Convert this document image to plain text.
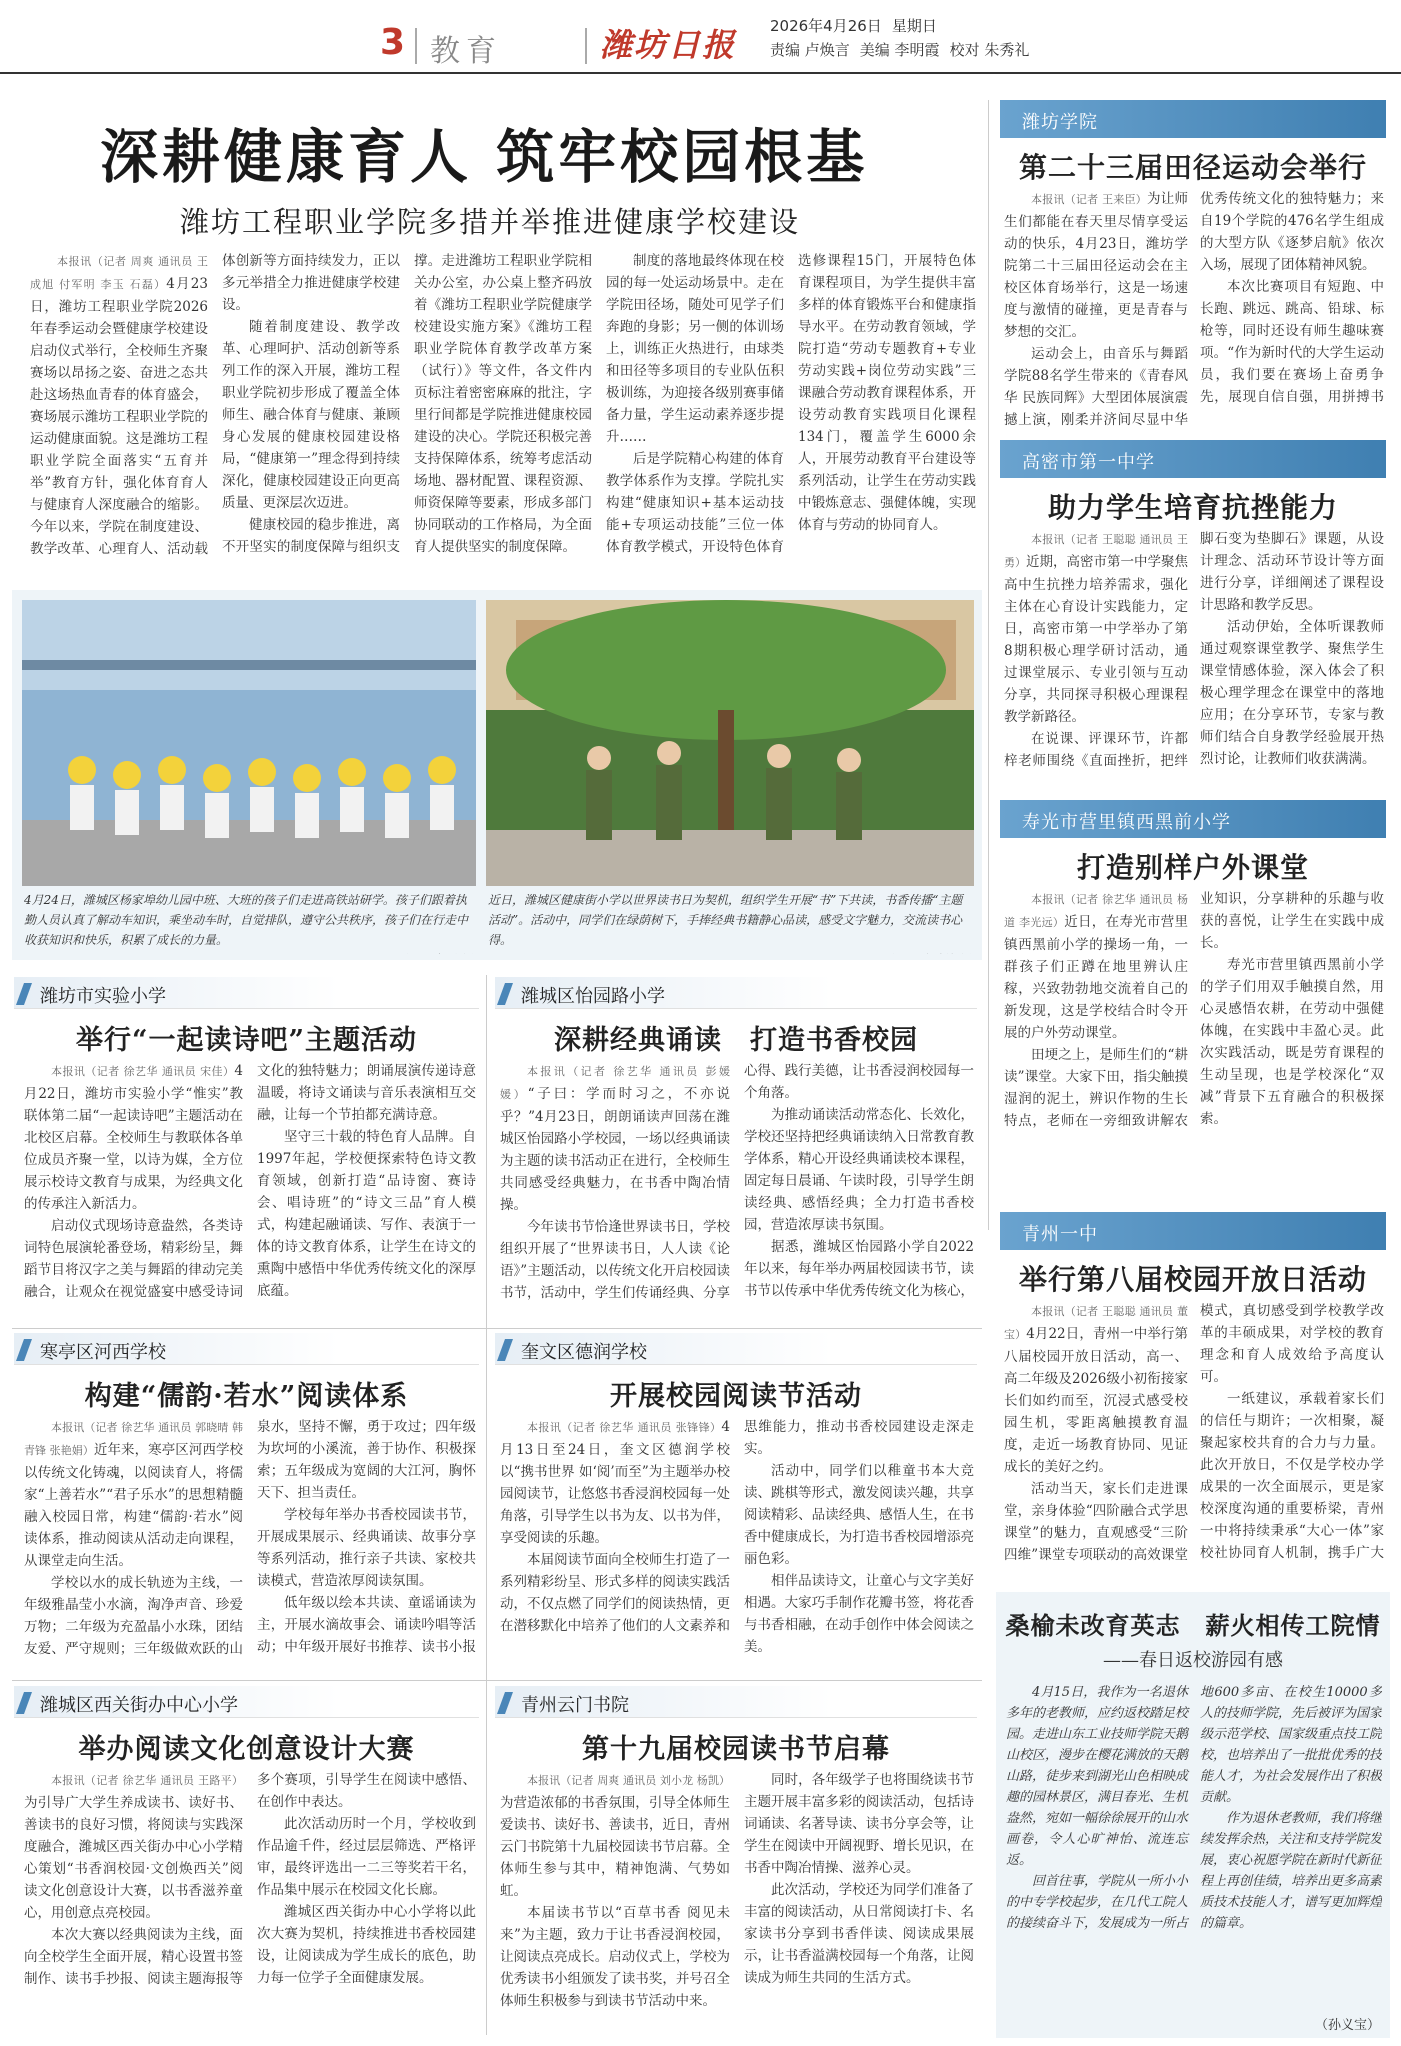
3 教育	潍坊日报 2026年4月26日 星期日
责编 卢焕言 美编 李明霞 校对 朱秀礼
深耕健康育人 筑牢校园根基
潍坊工程职业学院多措并举推进健康学校建设

本报讯（记者 周爽 通讯员 王成旭 付军明 李玉 石磊）4月23日，潍坊工程职业学院2026年春季运动会暨健康学校建设启动仪式举行，全校师生齐聚赛场以昂扬之姿、奋进之态共赴这场热血青春的体育盛会，赛场展示潍坊工程职业学院的运动健康面貌。这是潍坊工程职业学院全面落实“五育并举”教育方针，强化体育育人与健康育人深度融合的缩影。今年以来，学院在制度建设、教学改革、心理育人、活动载体创新等方面持续发力，正以多元举措全力推进健康学校建设。

随着制度建设、教学改革、心理呵护、活动创新等系列工作的深入开展，潍坊工程职业学院初步形成了覆盖全体师生、融合体育与健康、兼顾身心发展的健康校园建设格局，“健康第一”理念得到持续深化，健康校园建设正向更高质量、更深层次迈进。

健康校园的稳步推进，离不开坚实的制度保障与组织支撑。走进潍坊工程职业学院相关办公室，办公桌上整齐码放着《潍坊工程职业学院健康学校建设实施方案》《潍坊工程职业学院体育教学改革方案（试行）》等文件，各文件内页标注着密密麻麻的批注，字里行间都是学院推进健康校园建设的决心。学院还积极完善支持保障体系，统筹考虑活动场地、器材配置、课程资源、师资保障等要素，形成多部门协同联动的工作格局，为全面育人提供坚实的制度保障。

制度的落地最终体现在校园的每一处运动场景中。走在学院田径场，随处可见学子们奔跑的身影；另一侧的体训场上，训练正火热进行，由球类和田径等多项目的专业队伍积极训练，为迎接各级别赛事储备力量，学生运动素养逐步提升……

后是学院精心构建的体育教学体系作为支撑。学院扎实构建“健康知识+基本运动技能+专项运动技能”三位一体体育教学模式，开设特色体育选修课程15门，开展特色体育课程项目，为学生提供丰富多样的体育锻炼平台和健康指导水平。在劳动教育领域，学院打造“劳动专题教育+专业劳动实践+岗位劳动实践”三课融合劳动教育课程体系，开设劳动教育实践项目化课程134门，覆盖学生6000余人，开展劳动教育平台建设等系列活动，让学生在劳动实践中锻炼意志、强健体魄，实现体育与劳动的协同育人。

4月24日，潍城区杨家埠幼儿园中班、大班的孩子们走进高铁站研学。孩子们跟着执勤人员认真了解动车知识，乘坐动车时，自觉排队，遵守公共秩序，孩子们在行走中收获知识和快乐，积累了成长的力量。
近日，潍城区健康街小学以世界读书日为契机，组织学生开展“书”下共读，书香传播“主题活动”。活动中，同学们在绿荫树下，手捧经典书籍静心品读，感受文字魅力，交流读书心得。
潍坊市实验小学
举行“一起读诗吧”主题活动

本报讯（记者 徐艺华 通讯员 宋佳）4月22日，潍坊市实验小学“惟实”教联体第二届“一起读诗吧”主题活动在北校区启幕。全校师生与教联体各单位成员齐聚一堂，以诗为媒，全方位展示校诗文教育与成果，为经典文化的传承注入新活力。

启动仪式现场诗意盎然，各类诗词特色展演轮番登场，精彩纷呈，舞蹈节目将汉字之美与舞蹈的律动完美融合，让观众在视觉盛宴中感受诗词文化的独特魅力；朗诵展演传递诗意温暖，将诗文诵读与音乐表演相互交融，让每一个节拍都充满诗意。

坚守三十载的特色育人品牌。自1997年起，学校便探索特色诗文教育领域，创新打造“品诗窗、赛诗会、唱诗班”的“诗文三品”育人模式，构建起融诵读、写作、表演于一体的诗文教育体系，让学生在诗文的熏陶中感悟中华优秀传统文化的深厚底蕴。

潍城区怡园路小学
深耕经典诵读　打造书香校园

本报讯（记者 徐艺华 通讯员 彭媛媛）“子曰：学而时习之，不亦说乎？”4月23日，朗朗诵读声回荡在潍城区怡园路小学校园，一场以经典诵读为主题的读书活动正在进行，全校师生共同感受经典魅力，在书香中陶冶情操。

今年读书节恰逢世界读书日，学校组织开展了“世界读书日，人人读《论语》”主题活动，以传统文化开启校园读书节，活动中，学生们传诵经典、分享心得、践行美德，让书香浸润校园每一个角落。

为推动诵读活动常态化、长效化，学校还坚持把经典诵读纳入日常教育教学体系，精心开设经典诵读校本课程，固定每日晨诵、午读时段，引导学生朗读经典、感悟经典；全力打造书香校园，营造浓厚读书氛围。

据悉，潍城区怡园路小学自2022年以来，每年举办两届校园读书节，读书节以传承中华优秀传统文化为核心，

寒亭区河西学校
构建“儒韵·若水”阅读体系

本报讯（记者 徐艺华 通讯员 郭晓晴 韩青锋 张艳娟）近年来，寒亭区河西学校以传统文化铸魂，以阅读育人，将儒家“上善若水”“君子乐水”的思想精髓融入校园日常，构建“儒韵·若水”阅读体系，推动阅读从活动走向课程，从课堂走向生活。

学校以水的成长轨迹为主线，一年级雅晶莹小水滴，淘净声音、珍爱万物；二年级为充盈晶小水珠，团结友爱、严守规则；三年级做欢跃的山泉水，坚持不懈，勇于攻过；四年级为坎坷的小溪流，善于协作、积极探索；五年级成为宽阔的大江河，胸怀天下、担当责任。

学校每年举办书香校园读书节，开展成果展示、经典诵读、故事分享等系列活动，推行亲子共读、家校共读模式，营造浓厚阅读氛围。

低年级以绘本共读、童谣诵读为主，开展水滴故事会、诵读吟唱等活动；中年级开展好书推荐、读书小报

奎文区德润学校
开展校园阅读节活动

本报讯（记者 徐艺华 通讯员 张锋锋）4月13日至24日，奎文区德润学校以“携书世界 如‘阅’而至”为主题举办校园阅读节，让悠悠书香浸润校园每一处角落，引导学生以书为友、以书为伴，享受阅读的乐趣。

本届阅读节面向全校师生打造了一系列精彩纷呈、形式多样的阅读实践活动，不仅点燃了同学们的阅读热情，更在潜移默化中培养了他们的人文素养和思维能力，推动书香校园建设走深走实。

活动中，同学们以稚童书本大竞读、跳棋等形式，激发阅读兴趣，共享阅读精彩、品读经典、感悟人生，在书香中健康成长，为打造书香校园增添亮丽色彩。

相伴品读诗文，让童心与文字美好相遇。大家巧手制作花瓣书签，将花香与书香相融，在动手创作中体会阅读之美。

潍城区西关街办中心小学
举办阅读文化创意设计大赛

本报讯（记者 徐艺华 通讯员 王路平）为引导广大学生养成读书、读好书、善读书的良好习惯，将阅读与实践深度融合，潍城区西关街办中心小学精心策划“书香润校园·文创焕西关”阅读文化创意设计大赛，以书香滋养童心，用创意点亮校园。

本次大赛以经典阅读为主线，面向全校学生全面开展，精心设置书签制作、读书手抄报、阅读主题海报等多个赛项，引导学生在阅读中感悟、在创作中表达。

此次活动历时一个月，学校收到作品逾千件，经过层层筛选、严格评审，最终评选出一二三等奖若干名，作品集中展示在校园文化长廊。

潍城区西关街办中心小学将以此次大赛为契机，持续推进书香校园建设，让阅读成为学生成长的底色，助力每一位学子全面健康发展。

青州云门书院
第十九届校园读书节启幕

本报讯（记者 周爽 通讯员 刘小龙 杨凯）为营造浓郁的书香氛围，引导全体师生爱读书、读好书、善读书，近日，青州云门书院第十九届校园读书节启幕。全体师生参与其中，精神饱满、气势如虹。

本届读书节以“百草书香 阅见未来”为主题，致力于让书香浸润校园，让阅读点亮成长。启动仪式上，学校为优秀读书小组颁发了读书奖，并号召全体师生积极参与到读书节活动中来。

同时，各年级学子也将围绕读书节主题开展丰富多彩的阅读活动，包括诗词诵读、名著导读、读书分享会等，让学生在阅读中开阔视野、增长见识，在书香中陶冶情操、滋养心灵。

此次活动，学校还为同学们准备了丰富的阅读活动，从日常阅读打卡、名家读书分享到书香伴读、阅读成果展示，让书香溢满校园每一个角落，让阅读成为师生共同的生活方式。

潍坊学院
第二十三届田径运动会举行

本报讯（记者 王来臣）为让师生们都能在春天里尽情享受运动的快乐，4月23日，潍坊学院第二十三届田径运动会在主校区体育场举行，这是一场速度与激情的碰撞，更是青春与梦想的交汇。

运动会上，由音乐与舞蹈学院88名学生带来的《青春风华 民族同辉》大型团体展演震撼上演，刚柔并济间尽显中华优秀传统文化的独特魅力；来自19个学院的476名学生组成的大型方队《逐梦启航》依次入场，展现了团体精神风貌。

本次比赛项目有短跑、中长跑、跳远、跳高、铅球、标枪等，同时还设有师生趣味赛项。“作为新时代的大学生运动员，我们要在赛场上奋勇争先，展现自信自强，用拼搏书

高密市第一中学
助力学生培育抗挫能力

本报讯（记者 王聪聪 通讯员 王勇）近期，高密市第一中学聚焦高中生抗挫力培养需求，强化主体在心育设计实践能力，定日，高密市第一中学举办了第8期积极心理学研讨活动，通过课堂展示、专业引领与互动分享，共同探寻积极心理课程教学新路径。

在说课、评课环节，许都梓老师围绕《直面挫折，把绊脚石变为垫脚石》课题，从设计理念、活动环节设计等方面进行分享，详细阐述了课程设计思路和教学反思。

活动伊始，全体听课教师通过观察课堂教学、聚焦学生课堂情感体验，深入体会了积极心理学理念在课堂中的落地应用；在分享环节，专家与教师们结合自身教学经验展开热烈讨论，让教师们收获满满。

寿光市营里镇西黑前小学
打造别样户外课堂

本报讯（记者 徐艺华 通讯员 杨道 李光远）近日，在寿光市营里镇西黑前小学的操场一角，一群孩子们正蹲在地里辨认庄稼，兴致勃勃地交流着自己的新发现，这是学校结合时令开展的户外劳动课堂。

田埂之上，是师生们的“耕读”课堂。大家下田，指尖触摸湿润的泥土，辨识作物的生长特点，老师在一旁细致讲解农业知识，分享耕种的乐趣与收获的喜悦，让学生在实践中成长。

寿光市营里镇西黑前小学的学子们用双手触摸自然，用心灵感悟农耕，在劳动中强健体魄，在实践中丰盈心灵。此次实践活动，既是劳育课程的生动呈现，也是学校深化“双减”背景下五育融合的积极探索。

青州一中
举行第八届校园开放日活动

本报讯（记者 王聪聪 通讯员 董宝）4月22日，青州一中举行第八届校园开放日活动，高一、高二年级及2026级小初衔接家长们如约而至，沉浸式感受校园生机，零距离触摸教育温度，走近一场教育协同、见证成长的美好之约。

活动当天，家长们走进课堂，亲身体验“四阶融合式学思课堂”的魅力，直观感受“三阶四维”课堂专项联动的高效课堂模式，真切感受到学校教学改革的丰硕成果，对学校的教育理念和育人成效给予高度认可。

一纸建议，承载着家长们的信任与期许；一次相聚，凝聚起家校共育的合力与力量。此次开放日，不仅是学校办学成果的一次全面展示，更是家校深度沟通的重要桥梁，青州一中将持续秉承“大心一体”家校社协同育人机制，携手广大

桑榆未改育英志　薪火相传工院情
——春日返校游园有感

4月15日，我作为一名退休多年的老教师，应约返校踏足校园。走进山东工业技师学院天鹅山校区，漫步在樱花满放的天鹅山路，徒步来到湖光山色相映成趣的园林景区，满目春光、生机盎然，宛如一幅徐徐展开的山水画卷，令人心旷神怡、流连忘返。

回首往事，学院从一所小小的中专学校起步，在几代工院人的接续奋斗下，发展成为一所占地600多亩、在校生10000多人的技师学院，先后被评为国家级示范学校、国家级重点技工院校，也培养出了一批批优秀的技能人才，为社会发展作出了积极贡献。

作为退休老教师，我们将继续发挥余热，关注和支持学院发展，衷心祝愿学院在新时代新征程上再创佳绩，培养出更多高素质技术技能人才，谱写更加辉煌的篇章。

（孙义宝）
